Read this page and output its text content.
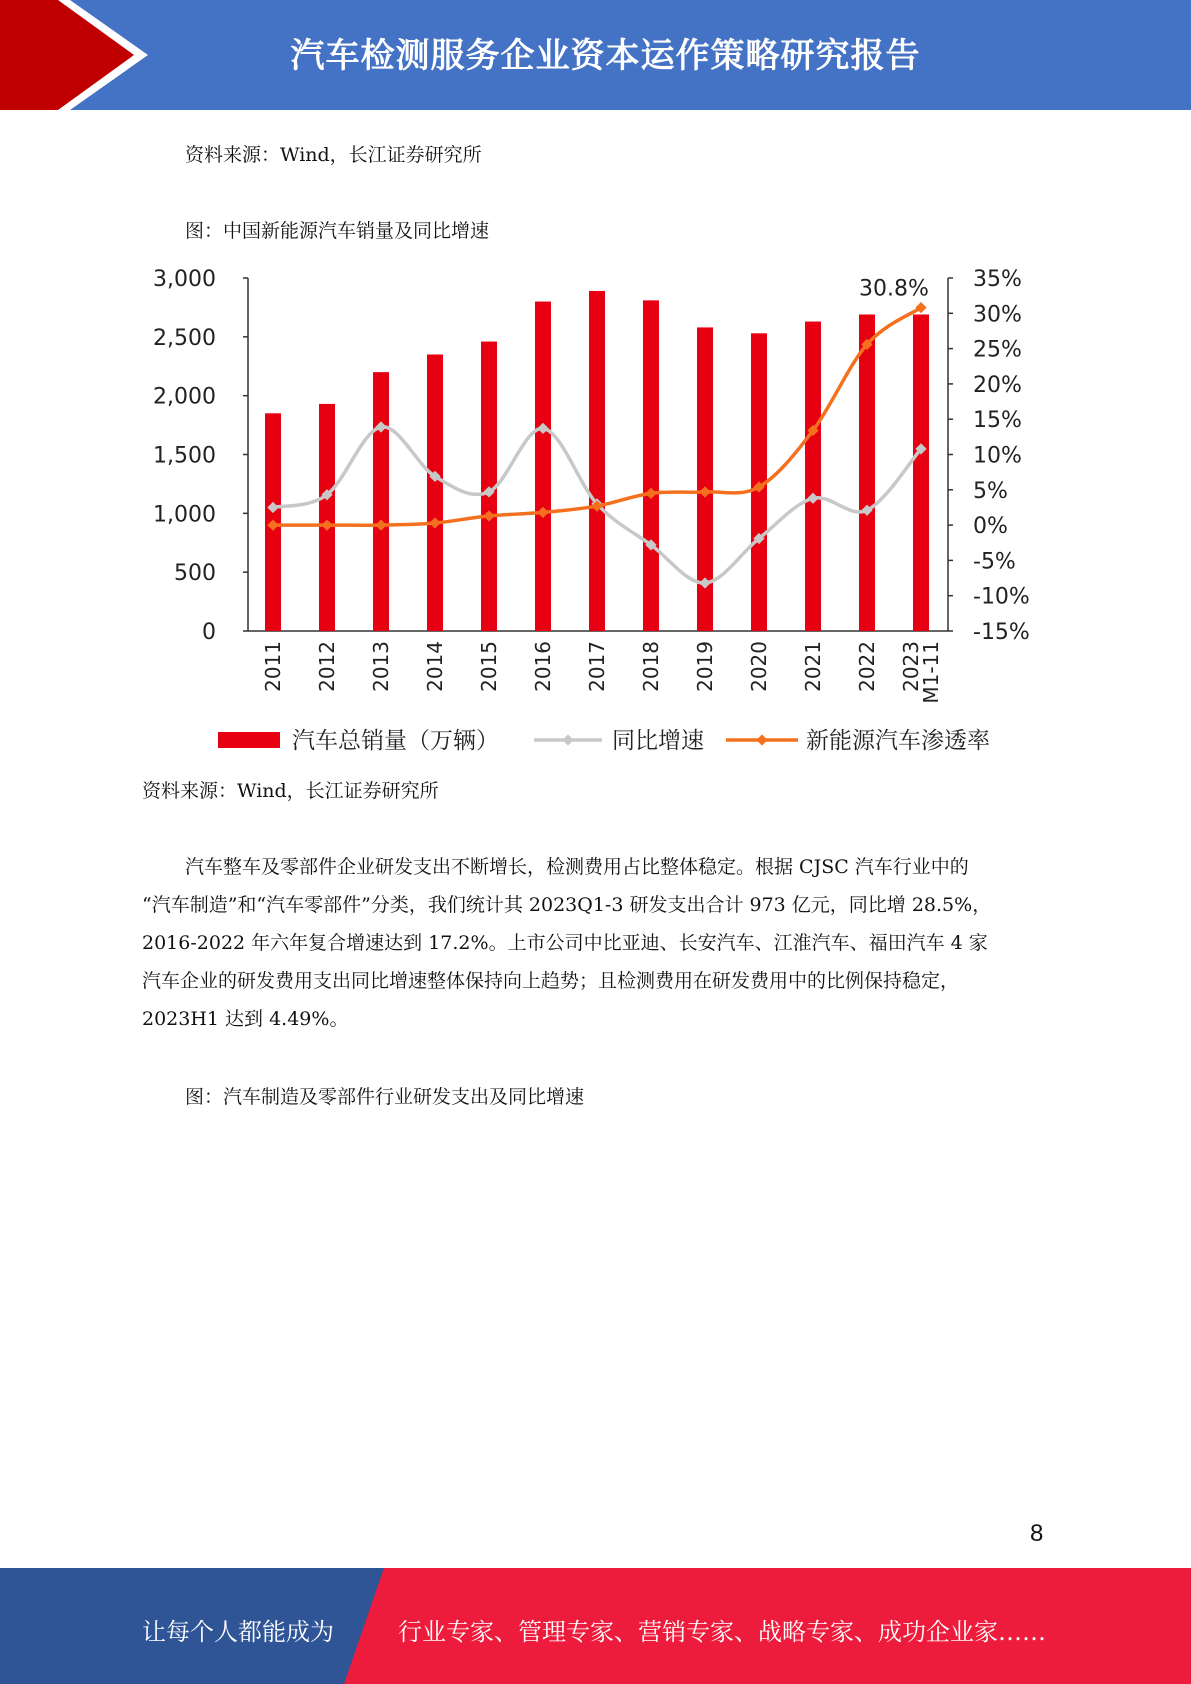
汽车检测服务企业资本运作策略研究报告
资料来源：Wind，长江证券研究所
图：中国新能源汽车销量及同比增速
0
500
1,000
1,500
2,000
2,500
3,000
-15%
-10%
-5%
0%
5%
10%
15%
20%
25%
30%
35%
2011 2012 2013 2014 2015 2016 2017 2018 2019 2020 2021 2022 2023
M1-11
30.8%
汽车总销量（万辆）	同比增速	新能源汽车渗透率
资料来源：Wind，长江证券研究所

汽车整车及零部件企业研发支出不断增长，检测费用占比整体稳定。根据 CJSC 汽车行业中的

“汽车制造”和“汽车零部件”分类，我们统计其 2023Q1-3 研发支出合计 973 亿元，同比增 28.5%，

2016-2022 年六年复合增速达到 17.2%。上市公司中比亚迪、长安汽车、江淮汽车、福田汽车 4 家

汽车企业的研发费用支出同比增速整体保持向上趋势；且检测费用在研发费用中的比例保持稳定，

2023H1 达到 4.49%。

图：汽车制造及零部件行业研发支出及同比增速
8
让每个人都能成为	行业专家、管理专家、营销专家、战略专家、成功企业家……
